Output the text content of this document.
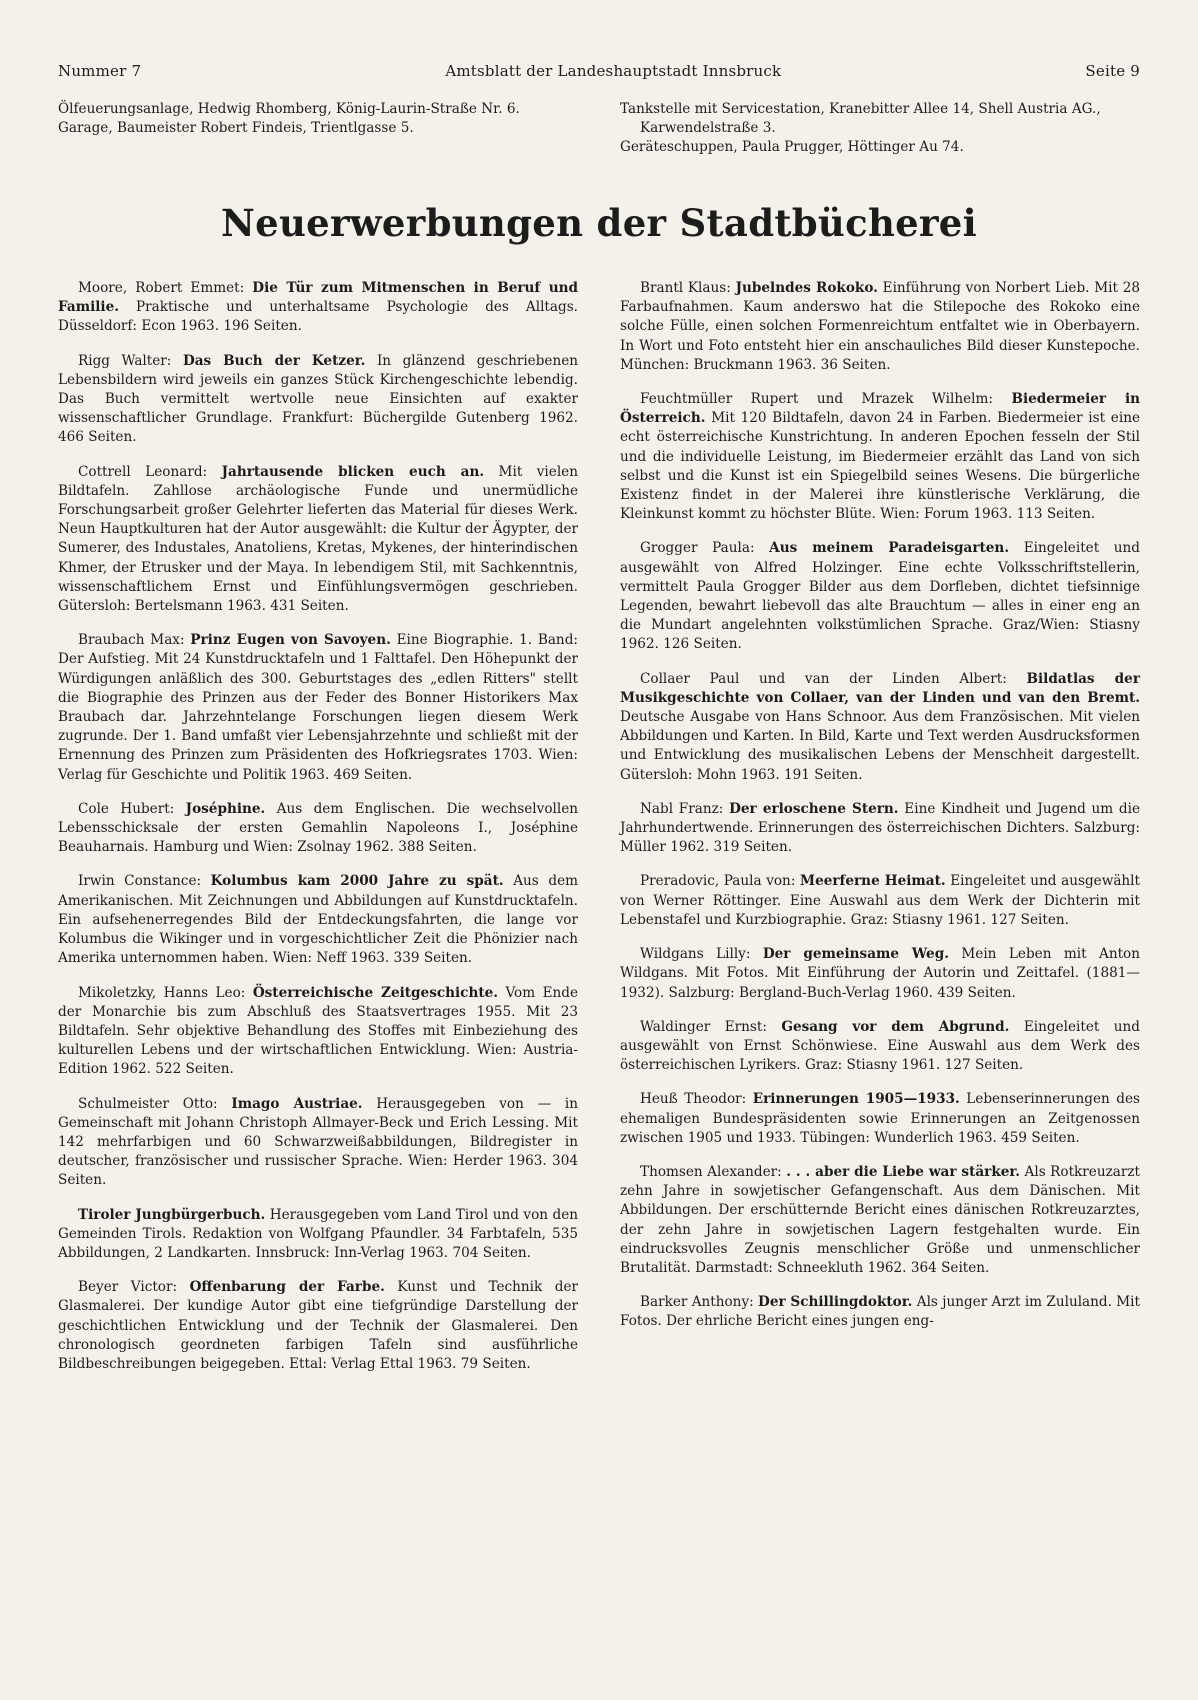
Nummer 7	Amtsblatt der Landeshauptstadt Innsbruck	Seite 9

Ölfeuerungsanlage, Hedwig Rhomberg, König-Laurin-Straße Nr. 6.

Garage, Baumeister Robert Findeis, Trientlgasse 5.

Tankstelle mit Servicestation, Kranebitter Allee 14, Shell Austria AG., Karwendelstraße 3.

Geräteschuppen, Paula Prugger, Höttinger Au 74.

Neuerwerbungen der Stadtbücherei

Moore, Robert Emmet: Die Tür zum Mitmenschen in Beruf und Familie. Praktische und unterhaltsame Psychologie des Alltags. Düsseldorf: Econ 1963. 196 Seiten.

Rigg Walter: Das Buch der Ketzer. In glänzend geschriebenen Lebensbildern wird jeweils ein ganzes Stück Kirchengeschichte lebendig. Das Buch vermittelt wertvolle neue Einsichten auf exakter wissenschaftlicher Grundlage. Frankfurt: Büchergilde Gutenberg 1962. 466 Seiten.

Cottrell Leonard: Jahrtausende blicken euch an. Mit vielen Bildtafeln. Zahllose archäologische Funde und unermüdliche Forschungsarbeit großer Gelehrter lieferten das Material für dieses Werk. Neun Hauptkulturen hat der Autor ausgewählt: die Kultur der Ägypter, der Sumerer, des Industales, Anatoliens, Kretas, Mykenes, der hinterindischen Khmer, der Etrusker und der Maya. In lebendigem Stil, mit Sachkenntnis, wissenschaftlichem Ernst und Einfühlungsvermögen geschrieben. Gütersloh: Bertelsmann 1963. 431 Seiten.

Braubach Max: Prinz Eugen von Savoyen. Eine Biographie. 1. Band: Der Aufstieg. Mit 24 Kunstdrucktafeln und 1 Falttafel. Den Höhepunkt der Würdigungen anläßlich des 300. Geburtstages des „edlen Ritters" stellt die Biographie des Prinzen aus der Feder des Bonner Historikers Max Braubach dar. Jahrzehntelange Forschungen liegen diesem Werk zugrunde. Der 1. Band umfaßt vier Lebensjahrzehnte und schließt mit der Ernennung des Prinzen zum Präsidenten des Hofkriegsrates 1703. Wien: Verlag für Geschichte und Politik 1963. 469 Seiten.

Cole Hubert: Joséphine. Aus dem Englischen. Die wechselvollen Lebensschicksale der ersten Gemahlin Napoleons I., Joséphine Beauharnais. Hamburg und Wien: Zsolnay 1962. 388 Seiten.

Irwin Constance: Kolumbus kam 2000 Jahre zu spät. Aus dem Amerikanischen. Mit Zeichnungen und Abbildungen auf Kunstdrucktafeln. Ein aufsehenerregendes Bild der Entdeckungsfahrten, die lange vor Kolumbus die Wikinger und in vorgeschichtlicher Zeit die Phönizier nach Amerika unternommen haben. Wien: Neff 1963. 339 Seiten.

Mikoletzky, Hanns Leo: Österreichische Zeitgeschichte. Vom Ende der Monarchie bis zum Abschluß des Staatsvertrages 1955. Mit 23 Bildtafeln. Sehr objektive Behandlung des Stoffes mit Einbeziehung des kulturellen Lebens und der wirtschaftlichen Entwicklung. Wien: Austria-Edition 1962. 522 Seiten.

Schulmeister Otto: Imago Austriae. Herausgegeben von — in Gemeinschaft mit Johann Christoph Allmayer-Beck und Erich Lessing. Mit 142 mehrfarbigen und 60 Schwarzweißabbildungen, Bildregister in deutscher, französischer und russischer Sprache. Wien: Herder 1963. 304 Seiten.

Tiroler Jungbürgerbuch. Herausgegeben vom Land Tirol und von den Gemeinden Tirols. Redaktion von Wolfgang Pfaundler. 34 Farbtafeln, 535 Abbildungen, 2 Landkarten. Innsbruck: Inn-Verlag 1963. 704 Seiten.

Beyer Victor: Offenbarung der Farbe. Kunst und Technik der Glasmalerei. Der kundige Autor gibt eine tiefgründige Darstellung der geschichtlichen Entwicklung und der Technik der Glasmalerei. Den chronologisch geordneten farbigen Tafeln sind ausführliche Bildbeschreibungen beigegeben. Ettal: Verlag Ettal 1963. 79 Seiten.

Brantl Klaus: Jubelndes Rokoko. Einführung von Norbert Lieb. Mit 28 Farbaufnahmen. Kaum anderswo hat die Stilepoche des Rokoko eine solche Fülle, einen solchen Formenreichtum entfaltet wie in Oberbayern. In Wort und Foto entsteht hier ein anschauliches Bild dieser Kunstepoche. München: Bruckmann 1963. 36 Seiten.

Feuchtmüller Rupert und Mrazek Wilhelm: Biedermeier in Österreich. Mit 120 Bildtafeln, davon 24 in Farben. Biedermeier ist eine echt österreichische Kunstrichtung. In anderen Epochen fesseln der Stil und die individuelle Leistung, im Biedermeier erzählt das Land von sich selbst und die Kunst ist ein Spiegelbild seines Wesens. Die bürgerliche Existenz findet in der Malerei ihre künstlerische Verklärung, die Kleinkunst kommt zu höchster Blüte. Wien: Forum 1963. 113 Seiten.

Grogger Paula: Aus meinem Paradeisgarten. Eingeleitet und ausgewählt von Alfred Holzinger. Eine echte Volksschriftstellerin, vermittelt Paula Grogger Bilder aus dem Dorfleben, dichtet tiefsinnige Legenden, bewahrt liebevoll das alte Brauchtum — alles in einer eng an die Mundart angelehnten volkstümlichen Sprache. Graz/Wien: Stiasny 1962. 126 Seiten.

Collaer Paul und van der Linden Albert: Bildatlas der Musikgeschichte von Collaer, van der Linden und van den Bremt. Deutsche Ausgabe von Hans Schnoor. Aus dem Französischen. Mit vielen Abbildungen und Karten. In Bild, Karte und Text werden Ausdrucksformen und Entwicklung des musikalischen Lebens der Menschheit dargestellt. Gütersloh: Mohn 1963. 191 Seiten.

Nabl Franz: Der erloschene Stern. Eine Kindheit und Jugend um die Jahrhundertwende. Erinnerungen des österreichischen Dichters. Salzburg: Müller 1962. 319 Seiten.

Preradovic, Paula von: Meerferne Heimat. Eingeleitet und ausgewählt von Werner Röttinger. Eine Auswahl aus dem Werk der Dichterin mit Lebenstafel und Kurzbiographie. Graz: Stiasny 1961. 127 Seiten.

Wildgans Lilly: Der gemeinsame Weg. Mein Leben mit Anton Wildgans. Mit Fotos. Mit Einführung der Autorin und Zeittafel. (1881—1932). Salzburg: Bergland-Buch-Verlag 1960. 439 Seiten.

Waldinger Ernst: Gesang vor dem Abgrund. Eingeleitet und ausgewählt von Ernst Schönwiese. Eine Auswahl aus dem Werk des österreichischen Lyrikers. Graz: Stiasny 1961. 127 Seiten.

Heuß Theodor: Erinnerungen 1905—1933. Lebenserinnerungen des ehemaligen Bundespräsidenten sowie Erinnerungen an Zeitgenossen zwischen 1905 und 1933. Tübingen: Wunderlich 1963. 459 Seiten.

Thomsen Alexander: . . . aber die Liebe war stärker. Als Rotkreuzarzt zehn Jahre in sowjetischer Gefangenschaft. Aus dem Dänischen. Mit Abbildungen. Der erschütternde Bericht eines dänischen Rotkreuzarztes, der zehn Jahre in sowjetischen Lagern festgehalten wurde. Ein eindrucksvolles Zeugnis menschlicher Größe und unmenschlicher Brutalität. Darmstadt: Schneekluth 1962. 364 Seiten.

Barker Anthony: Der Schillingdoktor. Als junger Arzt im Zululand. Mit Fotos. Der ehrliche Bericht eines jungen eng-
